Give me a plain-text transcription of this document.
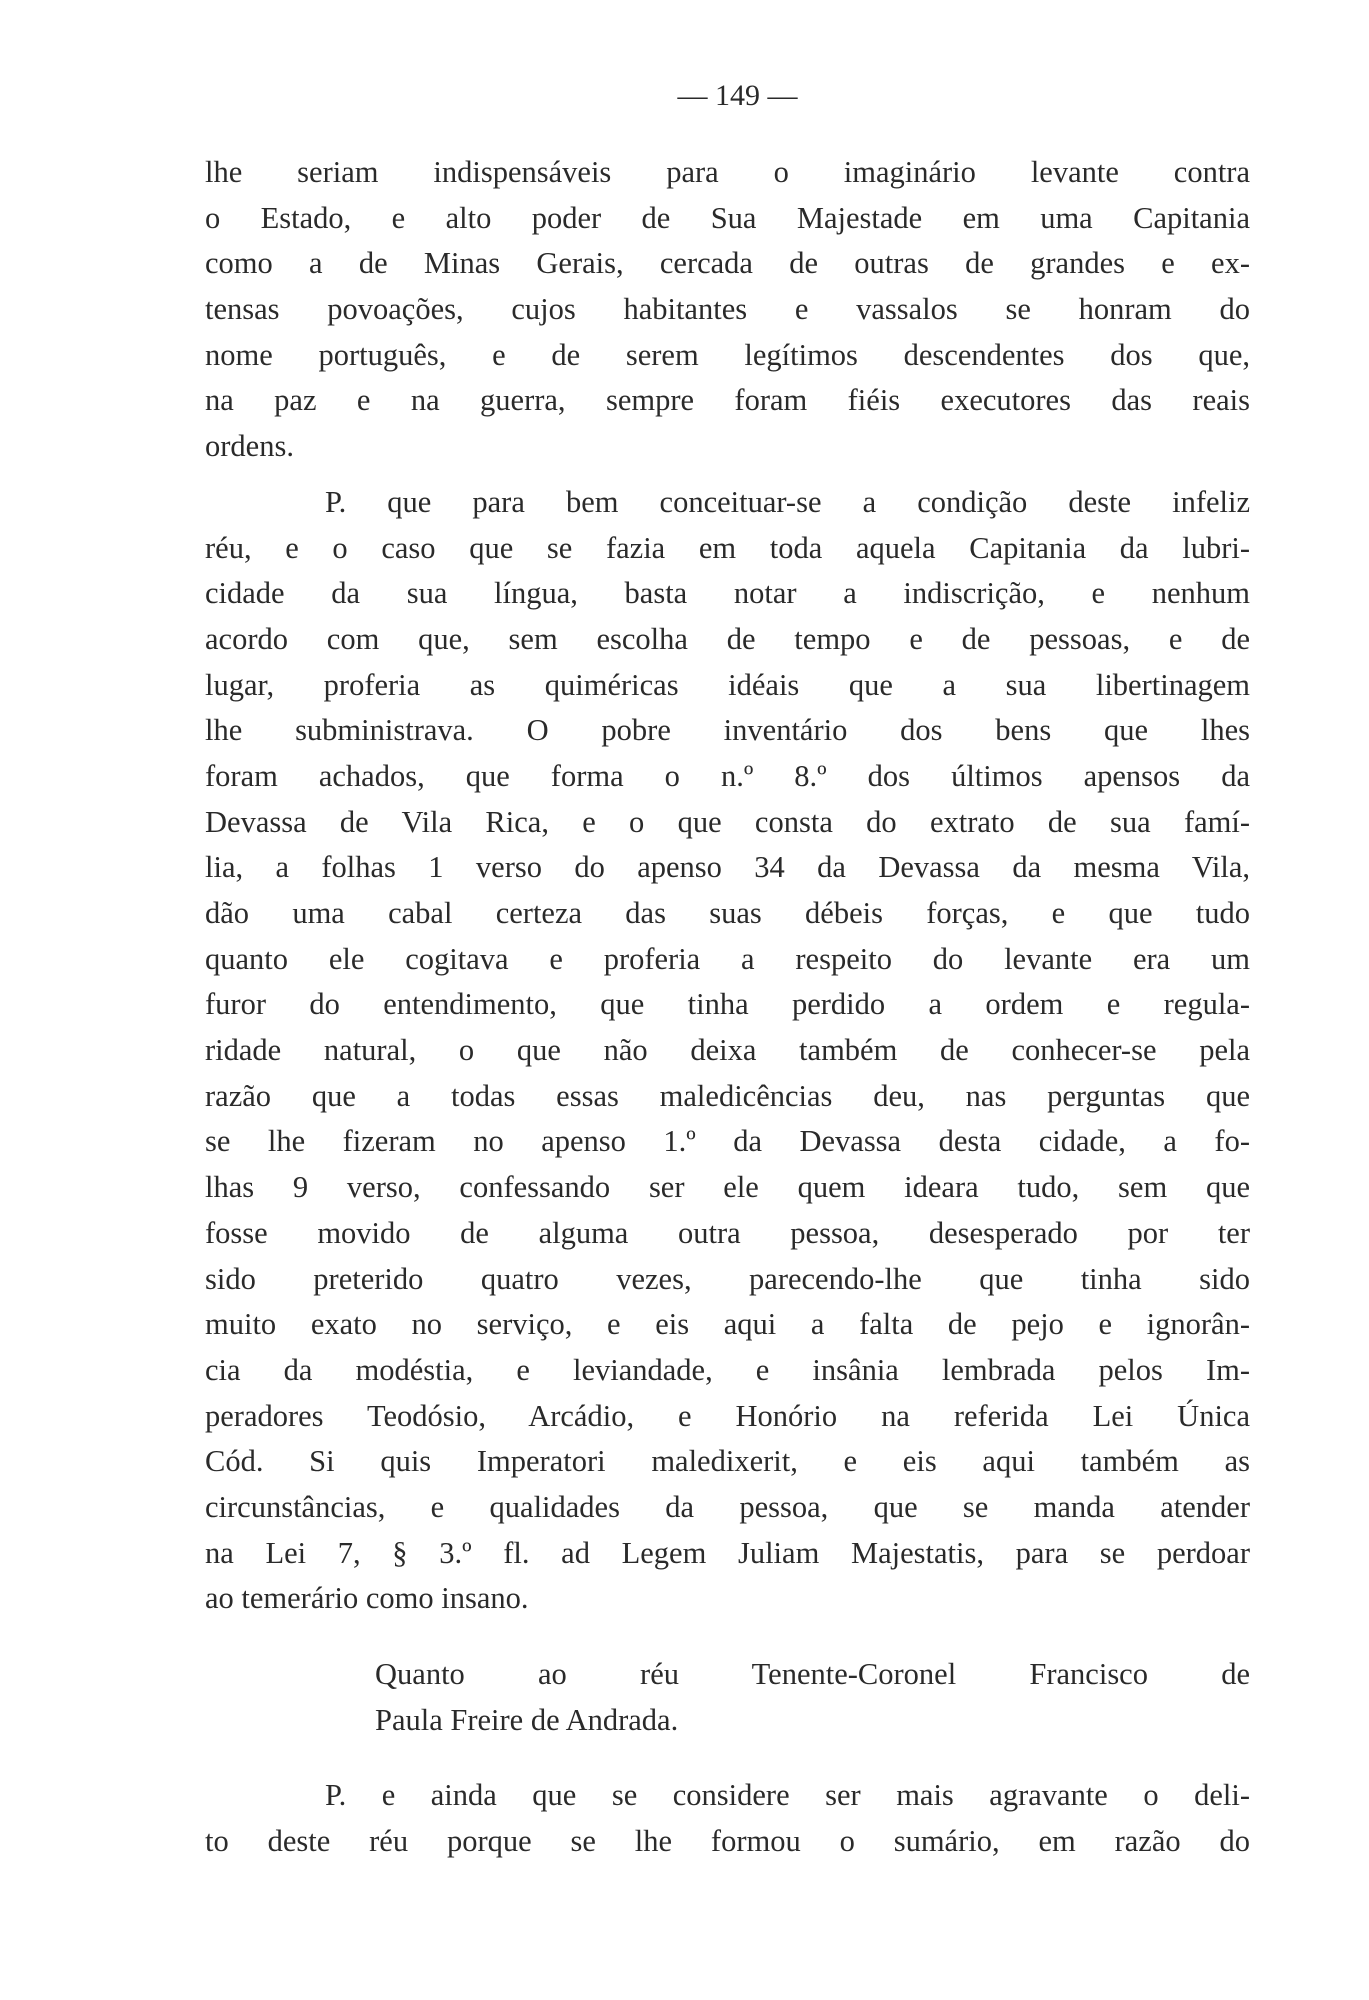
— 149 —
lhe seriam indispensáveis para o imaginário levante contra
o Estado, e alto poder de Sua Majestade em uma Capitania
como a de Minas Gerais, cercada de outras de grandes e ex-
tensas povoações, cujos habitantes e vassalos se honram do
nome português, e de serem legítimos descendentes dos que,
na paz e na guerra, sempre foram fiéis executores das reais
ordens.
P. que para bem conceituar-se a condição deste infeliz
réu, e o caso que se fazia em toda aquela Capitania da lubri-
cidade da sua língua, basta notar a indiscrição, e nenhum
acordo com que, sem escolha de tempo e de pessoas, e de
lugar, proferia as quiméricas idéais que a sua libertinagem
lhe subministrava. O pobre inventário dos bens que lhes
foram achados, que forma o n.º 8.º dos últimos apensos da
Devassa de Vila Rica, e o que consta do extrato de sua famí-
lia, a folhas 1 verso do apenso 34 da Devassa da mesma Vila,
dão uma cabal certeza das suas débeis forças, e que tudo
quanto ele cogitava e proferia a respeito do levante era um
furor do entendimento, que tinha perdido a ordem e regula-
ridade natural, o que não deixa também de conhecer-se pela
razão que a todas essas maledicências deu, nas perguntas que
se lhe fizeram no apenso 1.º da Devassa desta cidade, a fo-
lhas 9 verso, confessando ser ele quem ideara tudo, sem que
fosse movido de alguma outra pessoa, desesperado por ter
sido preterido quatro vezes, parecendo-lhe que tinha sido
muito exato no serviço, e eis aqui a falta de pejo e ignorân-
cia da modéstia, e leviandade, e insânia lembrada pelos Im-
peradores Teodósio, Arcádio, e Honório na referida Lei Única
Cód. Si quis Imperatori maledixerit, e eis aqui também as
circunstâncias, e qualidades da pessoa, que se manda atender
na Lei 7, § 3.º fl. ad Legem Juliam Majestatis, para se perdoar
ao temerário como insano.
Quanto ao réu Tenente-Coronel Francisco de
Paula Freire de Andrada.
P. e ainda que se considere ser mais agravante o deli-
to deste réu porque se lhe formou o sumário, em razão do
